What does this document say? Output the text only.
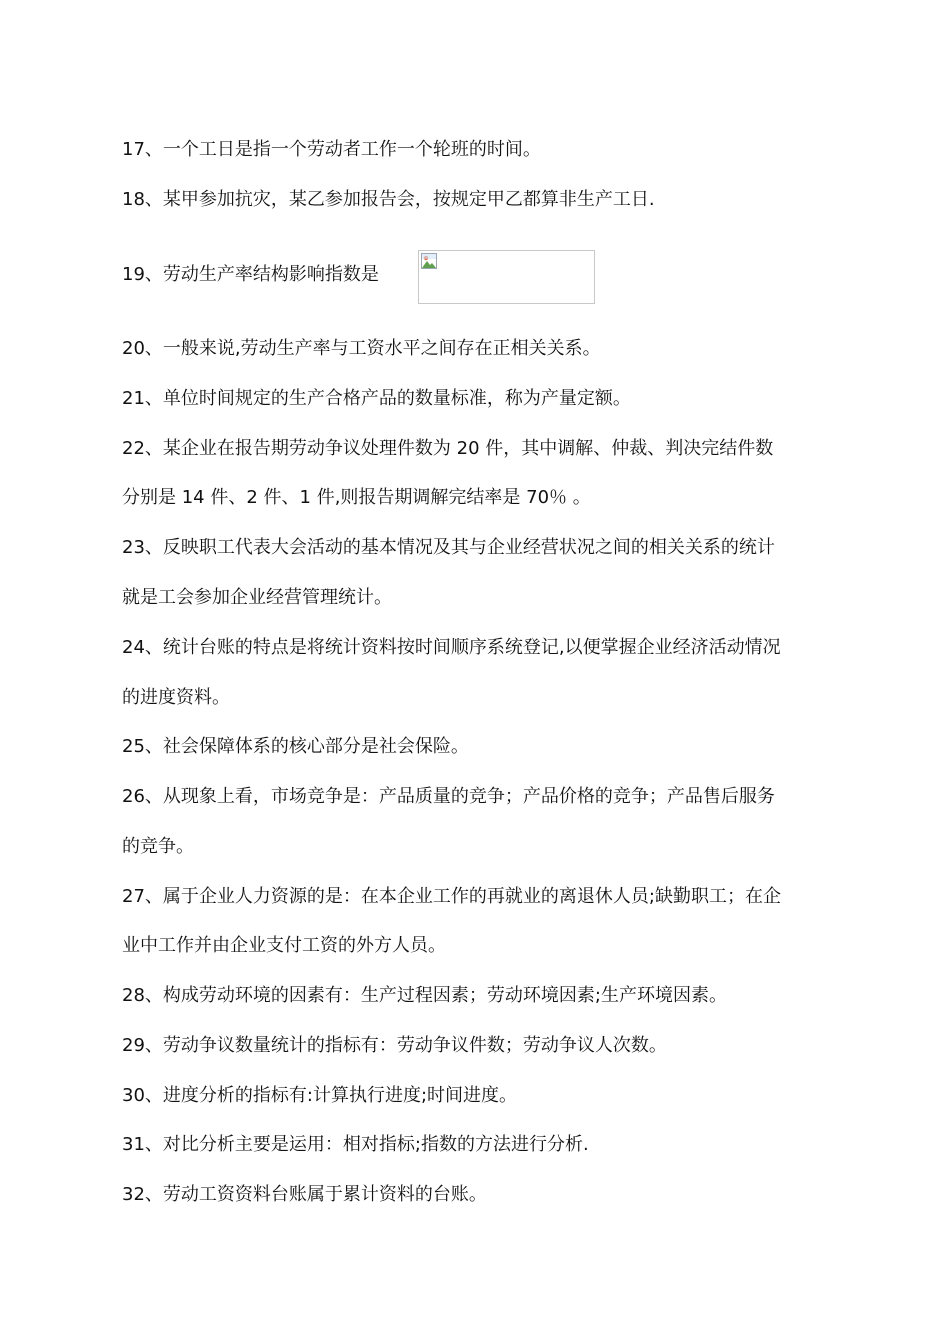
17、一个工日是指一个劳动者工作一个轮班的时间。
18、某甲参加抗灾，某乙参加报告会，按规定甲乙都算非生产工日.
19、劳动生产率结构影响指数是
20、一般来说,劳动生产率与工资水平之间存在正相关关系。
21、单位时间规定的生产合格产品的数量标准，称为产量定额。
22、某企业在报告期劳动争议处理件数为 20 件，其中调解、仲裁、判决完结件数
分别是 14 件、2 件、1 件,则报告期调解完结率是 70％ 。
23、反映职工代表大会活动的基本情况及其与企业经营状况之间的相关关系的统计
就是工会参加企业经营管理统计。
24、统计台账的特点是将统计资料按时间顺序系统登记,以便掌握企业经济活动情况
的进度资料。
25、社会保障体系的核心部分是社会保险。
26、从现象上看，市场竞争是：产品质量的竞争；产品价格的竞争；产品售后服务
的竞争。
27、属于企业人力资源的是：在本企业工作的再就业的离退休人员;缺勤职工；在企
业中工作并由企业支付工资的外方人员。
28、构成劳动环境的因素有：生产过程因素；劳动环境因素;生产环境因素。
29、劳动争议数量统计的指标有：劳动争议件数；劳动争议人次数。
30、进度分析的指标有:计算执行进度;时间进度。
31、对比分析主要是运用：相对指标;指数的方法进行分析.
32、劳动工资资料台账属于累计资料的台账。
